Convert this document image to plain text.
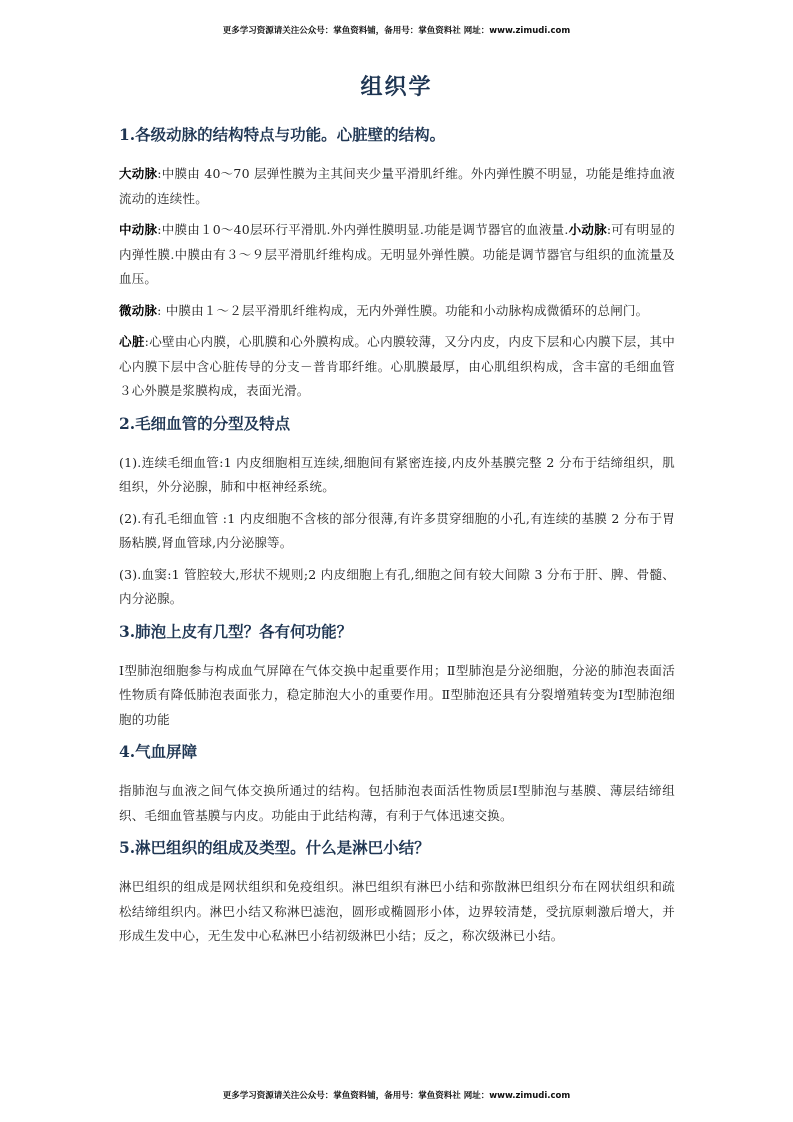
更多学习资源请关注公众号：掌鱼资料铺，备用号：掌鱼资料社 网址：www.zimudi.com
组织学
1.各级动脉的结构特点与功能。心脏壁的结构。

大动脉:中膜由 40～70 层弹性膜为主其间夹少量平滑肌纤维。外内弹性膜不明显，功能是维持血液流动的连续性。

中动脉:中膜由１0～40层环行平滑肌.外内弹性膜明显.功能是调节器官的血液量.小动脉:可有明显的内弹性膜.中膜由有３～９层平滑肌纤维构成。无明显外弹性膜。功能是调节器官与组织的血流量及血压。

微动脉: 中膜由１～２层平滑肌纤维构成，无内外弹性膜。功能和小动脉构成微循环的总闸门。

心脏:心壁由心内膜，心肌膜和心外膜构成。心内膜较薄，又分内皮，内皮下层和心内膜下层，其中心内膜下层中含心脏传导的分支－普肯耶纤维。心肌膜最厚，由心肌组织构成，含丰富的毛细血管３心外膜是浆膜构成，表面光滑。

2.毛细血管的分型及特点

(1).连续毛细血管:1 内皮细胞相互连续,细胞间有紧密连接,内皮外基膜完整 2 分布于结缔组织，肌组织，外分泌腺，肺和中枢神经系统。

(2).有孔毛细血管 :1 内皮细胞不含核的部分很薄,有许多贯穿细胞的小孔,有连续的基膜 2 分布于胃肠粘膜,肾血管球,内分泌腺等。

(3).血窦:1 管腔较大,形状不规则;2 内皮细胞上有孔,细胞之间有较大间隙 3 分布于肝、脾、骨髓、内分泌腺。

3.肺泡上皮有几型？各有何功能？

Ⅰ型肺泡细胞参与构成血气屏障在气体交换中起重要作用；Ⅱ型肺泡是分泌细胞，分泌的肺泡表面活性物质有降低肺泡表面张力，稳定肺泡大小的重要作用。Ⅱ型肺泡还具有分裂增殖转变为Ⅰ型肺泡细胞的功能

4.气血屏障

指肺泡与血液之间气体交换所通过的结构。包括肺泡表面活性物质层Ⅰ型肺泡与基膜、薄层结缔组织、毛细血管基膜与内皮。功能由于此结构薄，有利于气体迅速交换。

5.淋巴组织的组成及类型。什么是淋巴小结？

淋巴组织的组成是网状组织和免疫组织。淋巴组织有淋巴小结和弥散淋巴组织分布在网状组织和疏松结缔组织内。淋巴小结又称淋巴滤泡，圆形或椭圆形小体，边界较清楚，受抗原刺激后增大，并形成生发中心，无生发中心私淋巴小结初级淋巴小结；反之，称次级淋已小结。

更多学习资源请关注公众号：掌鱼资料铺，备用号：掌鱼资料社 网址：www.zimudi.com
